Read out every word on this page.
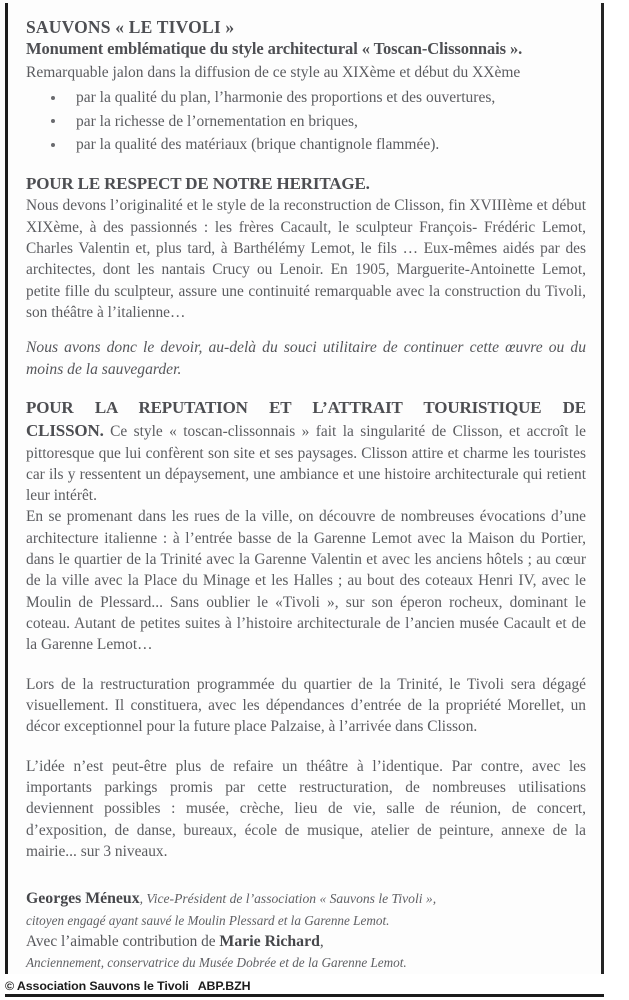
SAUVONS « LE TIVOLI »
Monument emblématique du style architectural « Toscan-Clissonnais ».

Remarquable jalon dans la diffusion de ce style au XIXème et début du XXème

par la qualité du plan, l’harmonie des proportions et des ouvertures,
par la richesse de l’ornementation en briques,
par la qualité des matériaux (brique chantignole flammée).
POUR LE RESPECT DE NOTRE HERITAGE.

Nous devons l’originalité et le style de la reconstruction de Clisson, fin XVIIIème et début XIXème, à des passionnés : les frères Cacault, le sculpteur François- Frédéric Lemot, Charles Valentin et, plus tard, à Barthélémy Lemot, le fils … Eux-mêmes aidés par des architectes, dont les nantais Crucy ou Lenoir. En 1905, Marguerite-Antoinette Lemot, petite fille du sculpteur, assure une continuité remarquable avec la construction du Tivoli, son théâtre à l’italienne…

Nous avons donc le devoir, au-delà du souci utilitaire de continuer cette œuvre ou du moins de la sauvegarder.

POUR LA REPUTATION ET L’ATTRAIT TOURISTIQUE DE

CLISSON. Ce style « toscan-clissonnais » fait la singularité de Clisson, et accroît le pittoresque que lui confèrent son site et ses paysages. Clisson attire et charme les touristes car ils y ressentent un dépaysement, une ambiance et une histoire architecturale qui retient leur intérêt.

En se promenant dans les rues de la ville, on découvre de nombreuses évocations d’une architecture italienne : à l’entrée basse de la Garenne Lemot avec la Maison du Portier, dans le quartier de la Trinité avec la Garenne Valentin et avec les anciens hôtels ; au cœur de la ville avec la Place du Minage et les Halles ; au bout des coteaux Henri IV, avec le Moulin de Plessard... Sans oublier le «Tivoli », sur son éperon rocheux, dominant le coteau. Autant de petites suites à l’histoire architecturale de l’ancien musée Cacault et de la Garenne Lemot…

Lors de la restructuration programmée du quartier de la Trinité, le Tivoli sera dégagé visuellement. Il constituera, avec les dépendances d’entrée de la propriété Morellet, un décor exceptionnel pour la future place Palzaise, à l’arrivée dans Clisson.

L’idée n’est peut-être plus de refaire un théâtre à l’identique. Par contre, avec les importants parkings promis par cette restructuration, de nombreuses utilisations deviennent possibles : musée, crèche, lieu de vie, salle de réunion, de concert, d’exposition, de danse, bureaux, école de musique, atelier de peinture, annexe de la mairie... sur 3 niveaux.

Georges Méneux, Vice-Président de l’association « Sauvons le Tivoli »,
citoyen engagé ayant sauvé le Moulin Plessard et la Garenne Lemot.
Avec l’aimable contribution de Marie Richard,
Anciennement, conservatrice du Musée Dobrée et de la Garenne Lemot.
© Association Sauvons le Tivoli ABP.BZH
